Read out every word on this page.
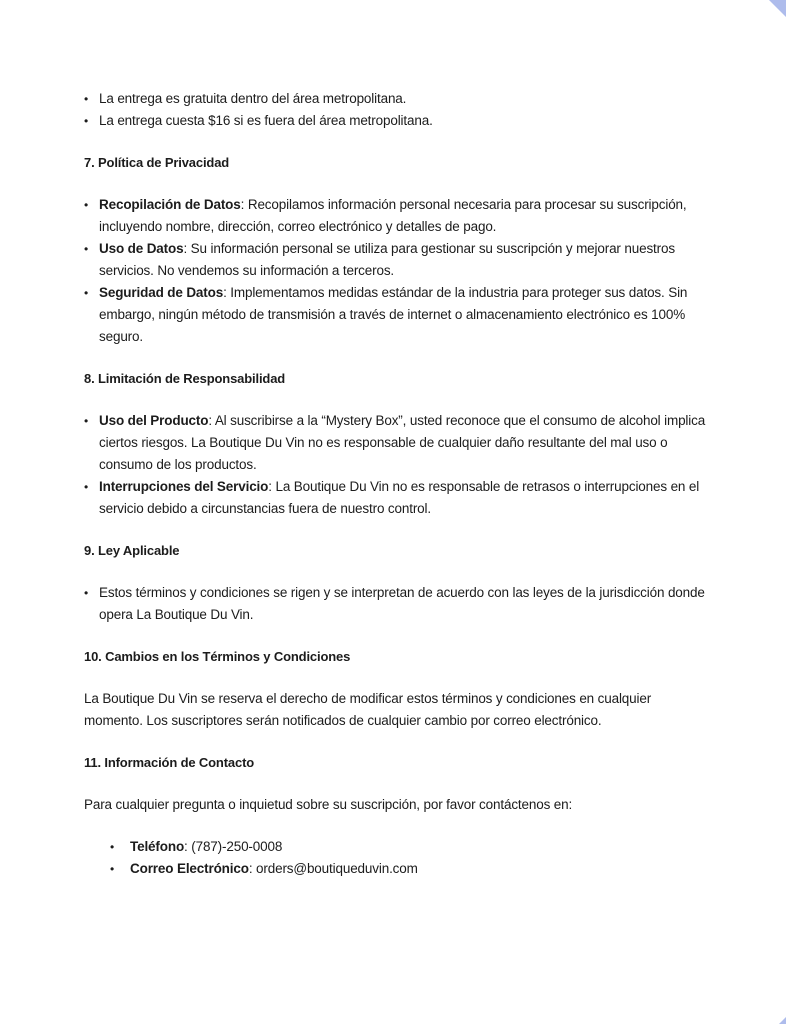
• La entrega es gratuita dentro del área metropolitana.
• La entrega cuesta $16 si es fuera del área metropolitana.
7. Política de Privacidad
• Recopilación de Datos: Recopilamos información personal necesaria para procesar su suscripción, incluyendo nombre, dirección, correo electrónico y detalles de pago.
• Uso de Datos: Su información personal se utiliza para gestionar su suscripción y mejorar nuestros servicios. No vendemos su información a terceros.
• Seguridad de Datos: Implementamos medidas estándar de la industria para proteger sus datos. Sin embargo, ningún método de transmisión a través de internet o almacenamiento electrónico es 100% seguro.
8. Limitación de Responsabilidad
• Uso del Producto: Al suscribirse a la “Mystery Box”, usted reconoce que el consumo de alcohol implica ciertos riesgos. La Boutique Du Vin no es responsable de cualquier daño resultante del mal uso o consumo de los productos.
• Interrupciones del Servicio: La Boutique Du Vin no es responsable de retrasos o interrupciones en el servicio debido a circunstancias fuera de nuestro control.
9. Ley Aplicable
• Estos términos y condiciones se rigen y se interpretan de acuerdo con las leyes de la jurisdicción donde opera La Boutique Du Vin.
10. Cambios en los Términos y Condiciones

La Boutique Du Vin se reserva el derecho de modificar estos términos y condiciones en cualquier momento. Los suscriptores serán notificados de cualquier cambio por correo electrónico.

11. Información de Contacto

Para cualquier pregunta o inquietud sobre su suscripción, por favor contáctenos en:

•	Teléfono: (787)-250-0008
•	Correo Electrónico: orders@boutiqueduvin.com
